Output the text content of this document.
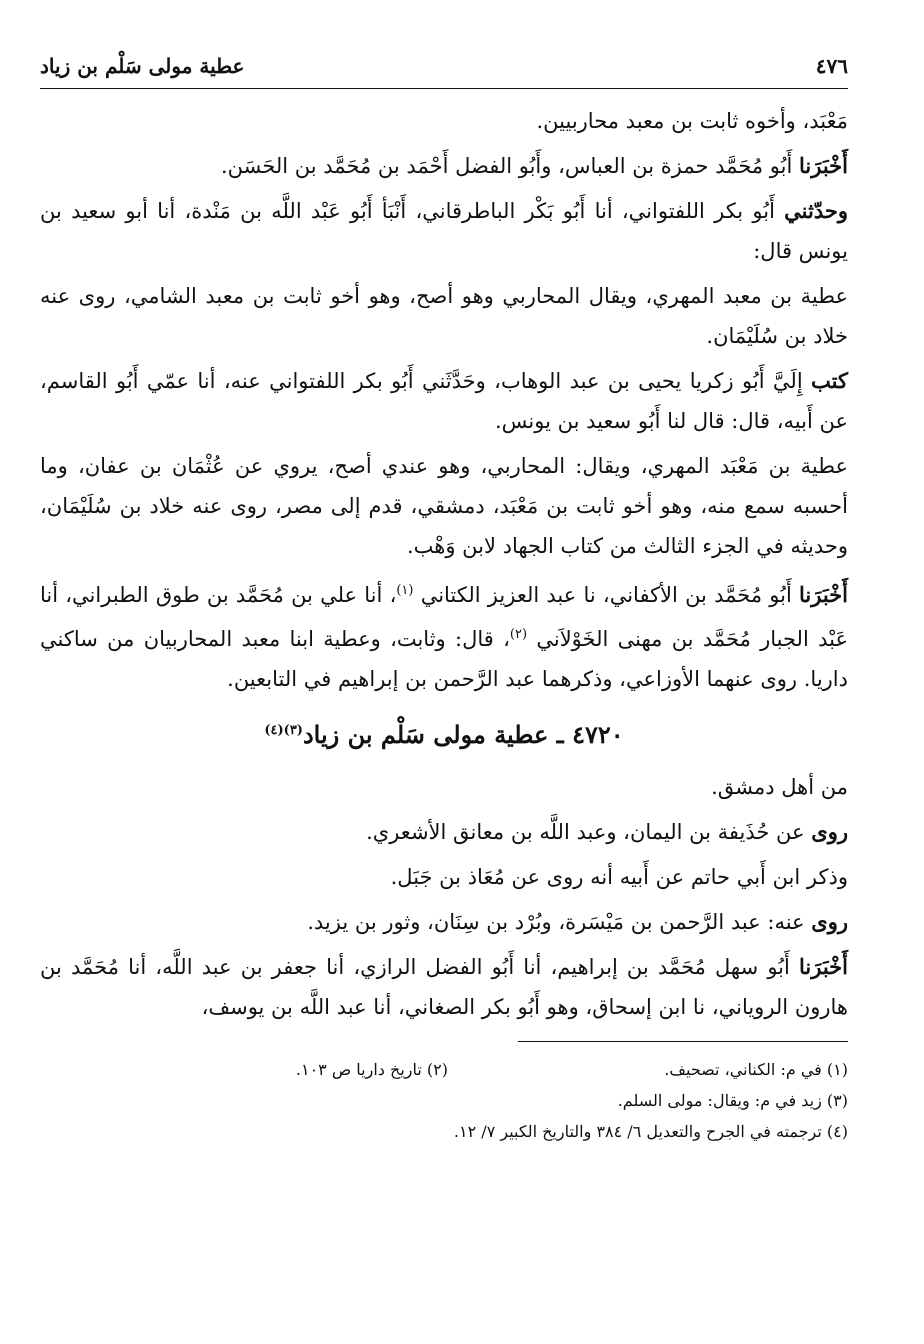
٤٧٦
عطية مولى سَلْم بن زياد

مَعْبَد، وأخوه ثابت بن معبد محاربيين.

أَخْبَرَنا أَبُو مُحَمَّد حمزة بن العباس، وأَبُو الفضل أَحْمَد بن مُحَمَّد بن الحَسَن.

وحدّثني أَبُو بكر اللفتواني، أنا أَبُو بَكْر الباطرقاني، أَنْبَأ أَبُو عَبْد اللَّه بن مَنْدة، أنا أبو سعيد بن يونس قال:

عطية بن معبد المهري، ويقال المحاربي وهو أصح، وهو أخو ثابت بن معبد الشامي، روى عنه خلاد بن سُلَيْمَان.

كتب إِلَيَّ أَبُو زكريا يحيى بن عبد الوهاب، وحَدَّثَني أَبُو بكر اللفتواني عنه، أنا عمّي أَبُو القاسم، عن أَبيه، قال: قال لنا أَبُو سعيد بن يونس.

عطية بن مَعْبَد المهري، ويقال: المحاربي، وهو عندي أصح، يروي عن عُثْمَان بن عفان، وما أحسبه سمع منه، وهو أخو ثابت بن مَعْبَد، دمشقي، قدم إلى مصر، روى عنه خلاد بن سُلَيْمَان، وحديثه في الجزء الثالث من كتاب الجهاد لابن وَهْب.

أَخْبَرَنا أَبُو مُحَمَّد بن الأكفاني، نا عبد العزيز الكتاني $^{(١)}$، أنا علي بن مُحَمَّد بن طوق الطبراني، أنا عَبْد الجبار مُحَمَّد بن مهنى الخَوْلاَني $^{(٢)}$، قال: وثابت، وعطية ابنا معبد المحاربيان من ساكني داريا. روى عنهما الأوزاعي، وذكرهما عبد الرَّحمن بن إبراهيم في التابعين.

٤٧٢٠ ـ عطية مولى سَلْم بن زياد$^{(٣)(٤)}$

من أهل دمشق.

روى عن حُذَيفة بن اليمان، وعبد اللَّه بن معانق الأشعري.

وذكر ابن أَبي حاتم عن أَبيه أنه روى عن مُعَاذ بن جَبَل.

روى عنه: عبد الرَّحمن بن مَيْسَرة، وبُرْد بن سِنَان، وثور بن يزيد.

أَخْبَرَنا أَبُو سهل مُحَمَّد بن إبراهيم، أنا أَبُو الفضل الرازي، أنا جعفر بن عبد اللَّه، أنا مُحَمَّد بن هارون الروياني، نا ابن إسحاق، وهو أَبُو بكر الصغاني، أنا عبد اللَّه بن يوسف،

(١) في م: الكناني، تصحيف.
(٢) تاريخ داريا ص ١٠٣.
(٣) زيد في م: ويقال: مولى السلم.
(٤) ترجمته في الجرح والتعديل ٦/ ٣٨٤ والتاريخ الكبير ٧/ ١٢.
